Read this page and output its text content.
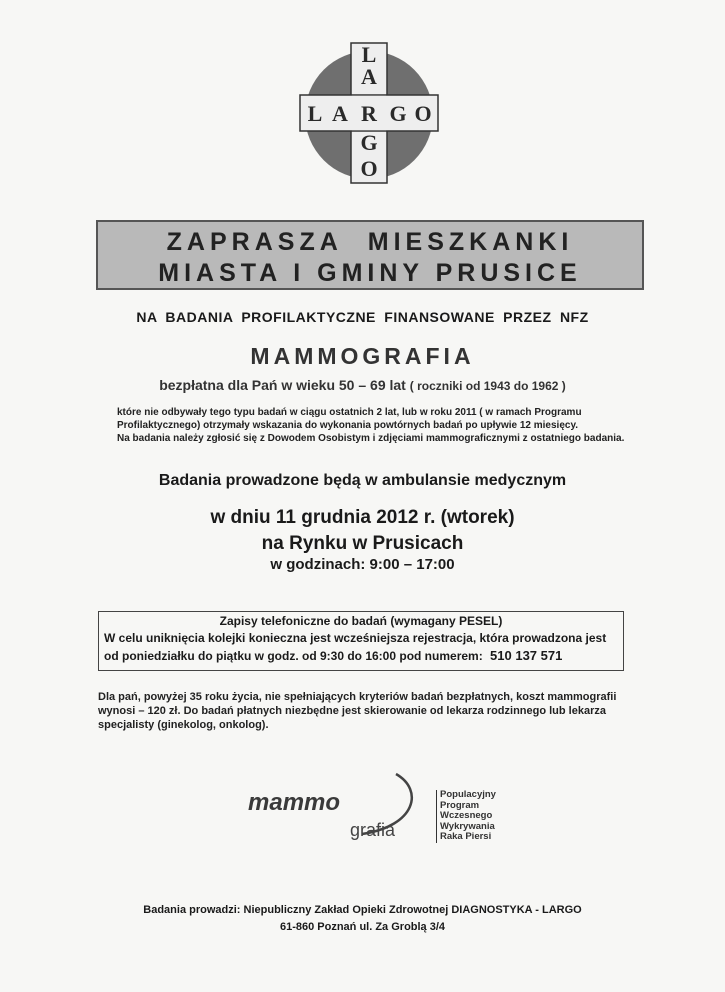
L A R G O
L
A
G
O
ZAPRASZA MIESZKANKI
MIASTA I GMINY PRUSICE
NA BADANIA PROFILAKTYCZNE FINANSOWANE PRZEZ NFZ
MAMMOGRAFIA
bezpłatna dla Pań w wieku 50 – 69 lat ( roczniki od 1943 do 1962 )
które nie odbywały tego typu badań w ciągu ostatnich 2 lat, lub w roku 2011 ( w ramach Programu
Profilaktycznego) otrzymały wskazania do wykonania powtórnych badań po upływie 12 miesięcy.
Na badania należy zgłosić się z Dowodem Osobistym i zdjęciami mammograficznymi z ostatniego badania.
Badania prowadzone będą w ambulansie medycznym
w dniu 11 grudnia 2012 r. (wtorek)
na Rynku w Prusicach
w godzinach: 9:00 – 17:00
Zapisy telefoniczne do badań (wymagany PESEL)
W celu uniknięcia kolejki konieczna jest wcześniejsza rejestracja, która prowadzona jest
od poniedziałku do piątku w godz. od 9:30 do 16:00 pod numerem: 510 137 571
Dla pań, powyżej 35 roku życia, nie spełniających kryteriów badań bezpłatnych, koszt mammografii
wynosi – 120 zł. Do badań płatnych niezbędne jest skierowanie od lekarza rodzinnego lub lekarza
specjalisty (ginekolog, onkolog).
mammo
grafia
Populacyjny
Program
Wczesnego
Wykrywania
Raka Piersi
Badania prowadzi: Niepubliczny Zakład Opieki Zdrowotnej DIAGNOSTYKA - LARGO
61-860 Poznań ul. Za Groblą 3/4
